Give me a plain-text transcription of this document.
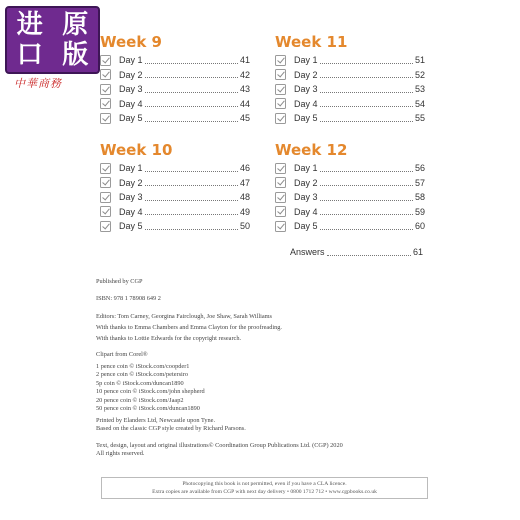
进 原
口 版
中華商務
Week 9
Day 1	41
Day 2	42
Day 3	43
Day 4	44
Day 5	45
Week 11
Day 1	51
Day 2	52
Day 3	53
Day 4	54
Day 5	55
Week 10
Day 1	46
Day 2	47
Day 3	48
Day 4	49
Day 5	50
Week 12
Day 1	56
Day 2	57
Day 3	58
Day 4	59
Day 5	60
Answers	61
Published by CGP
ISBN: 978 1 78908 649 2
Editors: Tom Carney, Georgina Fairclough, Joe Shaw, Sarah Williams
With thanks to Emma Chambers and Emma Clayton for the proofreading.
With thanks to Lottie Edwards for the copyright research.
Clipart from Corel®
1 pence coin © iStock.com/coopder1
2 pence coin © iStock.com/petersiro
5p coin © iStock.com/duncan1890
10 pence coin © iStock.com/john shepherd
20 pence coin © iStock.com/Jaap2
50 pence coin © iStock.com/duncan1890
Printed by Elanders Ltd, Newcastle upon Tyne.
Based on the classic CGP style created by Richard Parsons.
Text, design, layout and original illustrations© Coordination Group Publications Ltd. (CGP) 2020
All rights reserved.
Photocopying this book is not permitted, even if you have a CLA licence.
Extra copies are available from CGP with next day delivery • 0800 1712 712 • www.cgpbooks.co.uk
